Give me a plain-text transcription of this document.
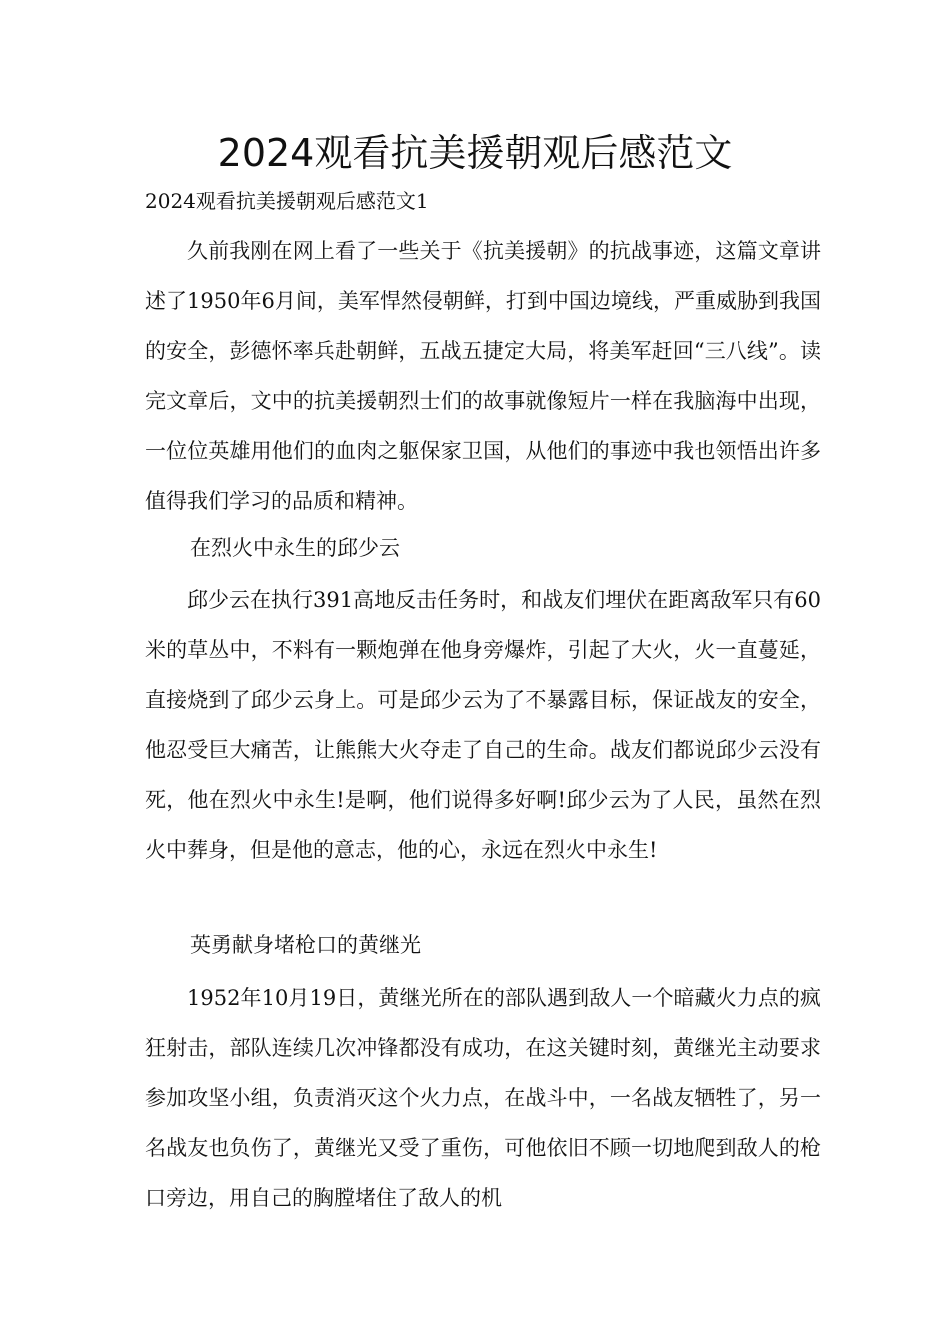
2024观看抗美援朝观后感范文

2024观看抗美援朝观后感范文1

久前我刚在网上看了一些关于《抗美援朝》的抗战事迹，这篇文章讲述了1950年6月间，美军悍然侵朝鲜，打到中国边境线，严重威胁到我国的安全，彭德怀率兵赴朝鲜，五战五捷定大局，将美军赶回“三八线”。读完文章后，文中的抗美援朝烈士们的故事就像短片一样在我脑海中出现，一位位英雄用他们的血肉之躯保家卫国，从他们的事迹中我也领悟出许多值得我们学习的品质和精神。

在烈火中永生的邱少云

邱少云在执行391高地反击任务时，和战友们埋伏在距离敌军只有60米的草丛中，不料有一颗炮弹在他身旁爆炸，引起了大火，火一直蔓延，直接烧到了邱少云身上。可是邱少云为了不暴露目标，保证战友的安全，他忍受巨大痛苦，让熊熊大火夺走了自己的生命。战友们都说邱少云没有死，他在烈火中永生!是啊，他们说得多好啊!邱少云为了人民，虽然在烈火中葬身，但是他的意志，他的心，永远在烈火中永生!

英勇献身堵枪口的黄继光

1952年10月19日，黄继光所在的部队遇到敌人一个暗藏火力点的疯狂射击，部队连续几次冲锋都没有成功，在这关键时刻，黄继光主动要求参加攻坚小组，负责消灭这个火力点，在战斗中，一名战友牺牲了，另一名战友也负伤了，黄继光又受了重伤，可他依旧不顾一切地爬到敌人的枪口旁边，用自己的胸膛堵住了敌人的机
